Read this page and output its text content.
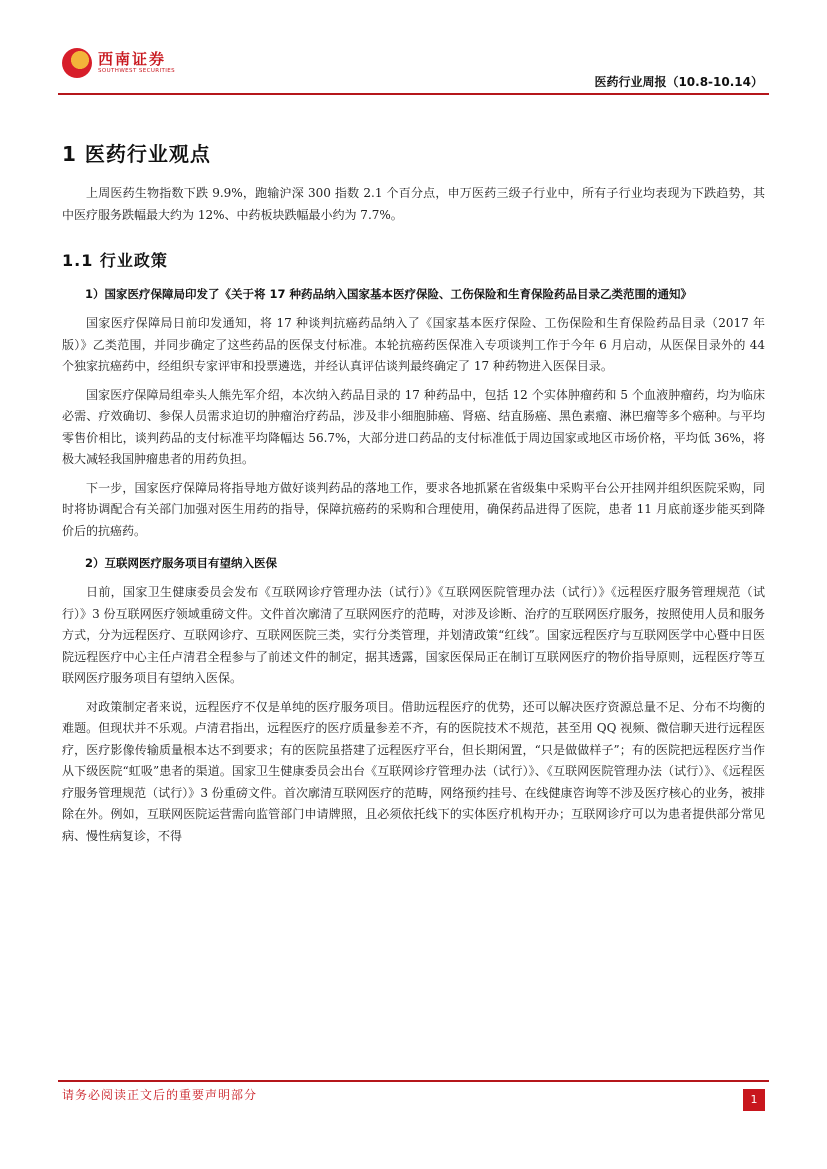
西南证券
SOUTHWEST SECURITIES
医药行业周报（10.8-10.14）
1 医药行业观点

上周医药生物指数下跌 9.9%，跑输沪深 300 指数 2.1 个百分点，申万医药三级子行业中，所有子行业均表现为下跌趋势，其中医疗服务跌幅最大约为 12%、中药板块跌幅最小约为 7.7%。

1.1 行业政策
1）国家医疗保障局印发了《关于将 17 种药品纳入国家基本医疗保险、工伤保险和生育保险药品目录乙类范围的通知》

国家医疗保障局日前印发通知，将 17 种谈判抗癌药品纳入了《国家基本医疗保险、工伤保险和生育保险药品目录（2017 年版）》乙类范围，并同步确定了这些药品的医保支付标准。本轮抗癌药医保准入专项谈判工作于今年 6 月启动，从医保目录外的 44 个独家抗癌药中，经组织专家评审和投票遴选，并经认真评估谈判最终确定了 17 种药物进入医保目录。

国家医疗保障局组牵头人熊先军介绍，本次纳入药品目录的 17 种药品中，包括 12 个实体肿瘤药和 5 个血液肿瘤药，均为临床必需、疗效确切、参保人员需求迫切的肿瘤治疗药品，涉及非小细胞肺癌、肾癌、结直肠癌、黑色素瘤、淋巴瘤等多个癌种。与平均零售价相比，谈判药品的支付标准平均降幅达 56.7%，大部分进口药品的支付标准低于周边国家或地区市场价格，平均低 36%，将极大减轻我国肿瘤患者的用药负担。

下一步，国家医疗保障局将指导地方做好谈判药品的落地工作，要求各地抓紧在省级集中采购平台公开挂网并组织医院采购，同时将协调配合有关部门加强对医生用药的指导，保障抗癌药的采购和合理使用，确保药品进得了医院，患者 11 月底前逐步能买到降价后的抗癌药。

2）互联网医疗服务项目有望纳入医保

日前，国家卫生健康委员会发布《互联网诊疗管理办法（试行）》《互联网医院管理办法（试行）》《远程医疗服务管理规范（试行）》3 份互联网医疗领域重磅文件。文件首次廓清了互联网医疗的范畴，对涉及诊断、治疗的互联网医疗服务，按照使用人员和服务方式，分为远程医疗、互联网诊疗、互联网医院三类，实行分类管理，并划清政策“红线”。国家远程医疗与互联网医学中心暨中日医院远程医疗中心主任卢清君全程参与了前述文件的制定，据其透露，国家医保局正在制订互联网医疗的物价指导原则，远程医疗等互联网医疗服务项目有望纳入医保。

对政策制定者来说，远程医疗不仅是单纯的医疗服务项目。借助远程医疗的优势，还可以解决医疗资源总量不足、分布不均衡的难题。但现状并不乐观。卢清君指出，远程医疗的医疗质量参差不齐，有的医院技术不规范，甚至用 QQ 视频、微信聊天进行远程医疗，医疗影像传输质量根本达不到要求；有的医院虽搭建了远程医疗平台，但长期闲置，“只是做做样子”；有的医院把远程医疗当作从下级医院“虹吸”患者的渠道。国家卫生健康委员会出台《互联网诊疗管理办法（试行）》、《互联网医院管理办法（试行）》、《远程医疗服务管理规范（试行）》3 份重磅文件。首次廓清互联网医疗的范畴，网络预约挂号、在线健康咨询等不涉及医疗核心的业务，被排除在外。例如，互联网医院运营需向监管部门申请牌照，且必须依托线下的实体医疗机构开办；互联网诊疗可以为患者提供部分常见病、慢性病复诊，不得

请务必阅读正文后的重要声明部分	1
